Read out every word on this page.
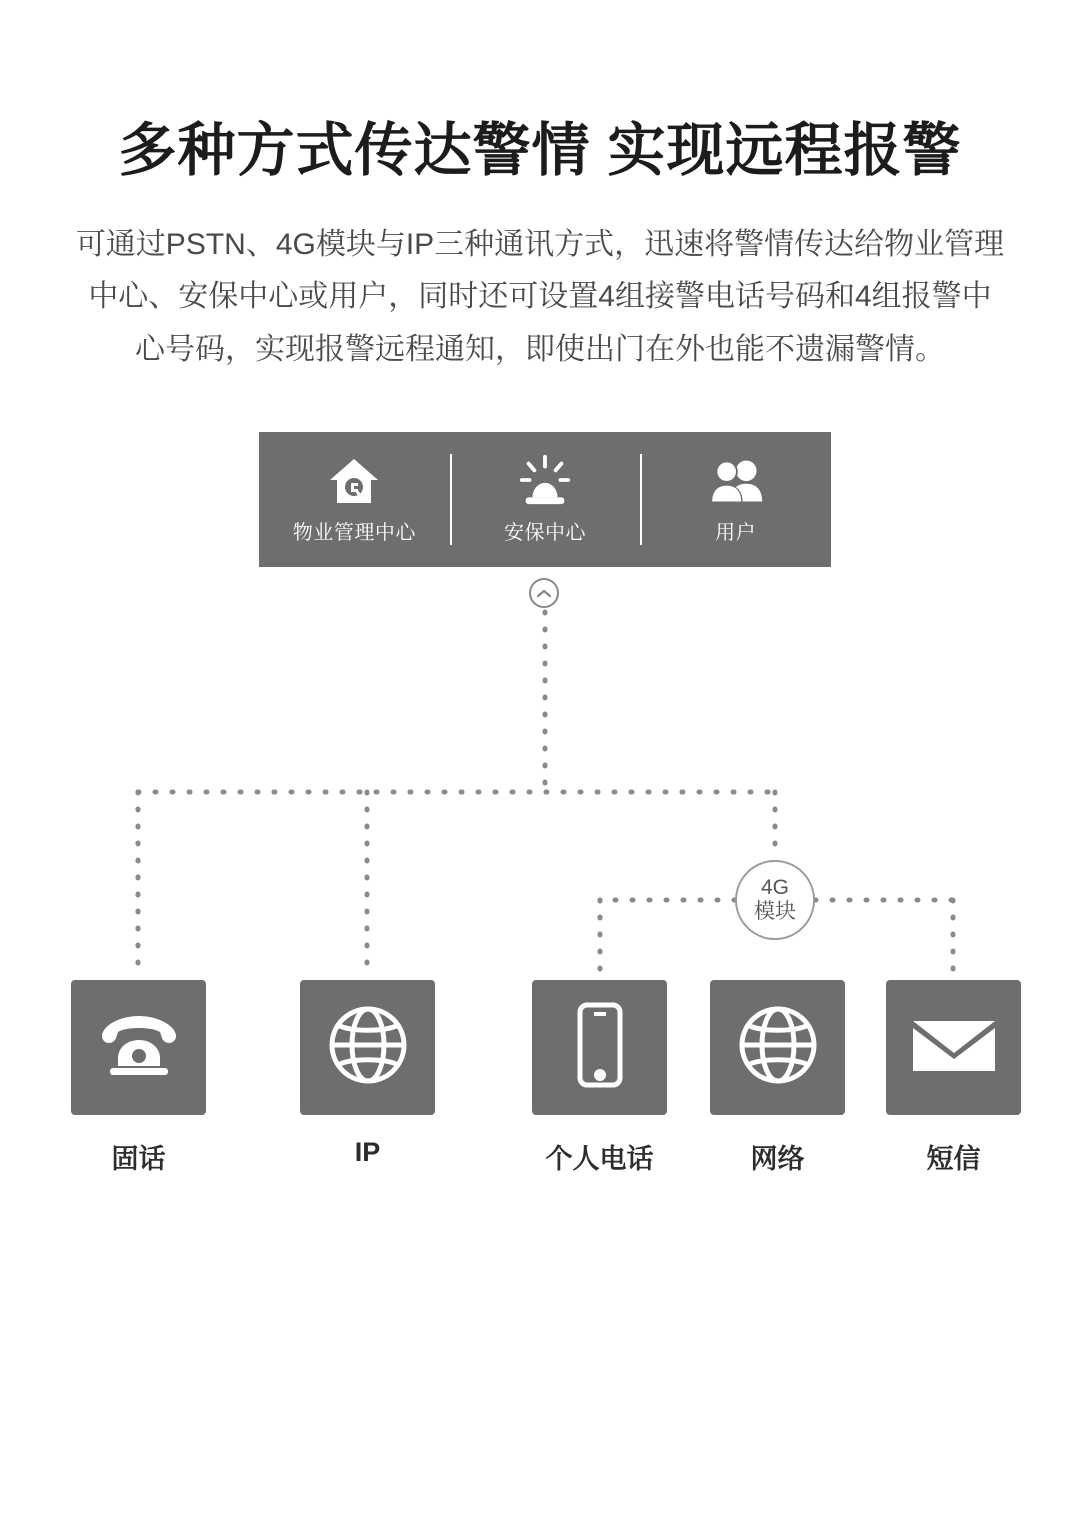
多种方式传达警情 实现远程报警

可通过PSTN、4G模块与IP三种通讯方式，迅速将警情传达给物业管理中心、安保中心或用户，同时还可设置4组接警电话号码和4组报警中心号码，实现报警远程通知，即使出门在外也能不遗漏警情。

物业管理中心	安保中心	用户
4G
模块
固话	IP	个人电话	网络	短信
